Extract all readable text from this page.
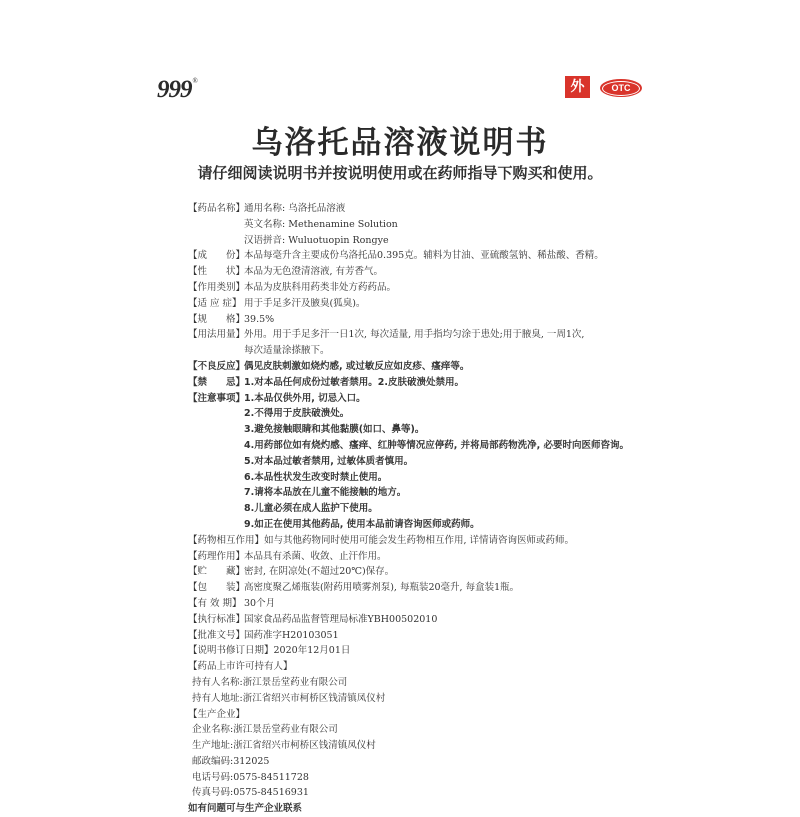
999®	外	OTC
乌洛托品溶液说明书
请仔细阅读说明书并按说明使用或在药师指导下购买和使用。
【药品名称】
通用名称: 乌洛托品溶液
英文名称: Methenamine Solution
汉语拼音: Wuluotuopin Rongye
【成　　份】
本品每毫升含主要成份乌洛托品0.395克。辅料为甘油、亚硫酸氢钠、稀盐酸、香精。
【性　　状】
本品为无色澄清溶液, 有芳香气。
【作用类别】
本品为皮肤科用药类非处方药药品。
【适 应 症】 用于手足多汗及腋臭(狐臭)。
【规　　格】
39.5%
【用法用量】
外用。用于手足多汗一日1次, 每次适量, 用手指均匀涂于患处;用于腋臭, 一周1次,
每次适量涂搽腋下。
【不良反应】
偶见皮肤刺激如烧灼感, 或过敏反应如皮疹、瘙痒等。
【禁　　忌】
1.对本品任何成份过敏者禁用。2.皮肤破溃处禁用。
【注意事项】
1.本品仅供外用, 切忌入口。
2.不得用于皮肤破溃处。
3.避免接触眼睛和其他黏膜(如口、鼻等)。
4.用药部位如有烧灼感、瘙痒、红肿等情况应停药, 并将局部药物洗净, 必要时向医师咨询。
5.对本品过敏者禁用, 过敏体质者慎用。
6.本品性状发生改变时禁止使用。
7.请将本品放在儿童不能接触的地方。
8.儿童必须在成人监护下使用。
9.如正在使用其他药品, 使用本品前请咨询医师或药师。
【药物相互作用】 如与其他药物同时使用可能会发生药物相互作用, 详情请咨询医师或药师。
【药理作用】
本品具有杀菌、收敛、止汗作用。
【贮　　藏】
密封, 在阴凉处(不超过20℃)保存。
【包　　装】
高密度聚乙烯瓶装(附药用喷雾剂泵), 每瓶装20毫升, 每盒装1瓶。
【有 效 期】 30个月
【执行标准】
国家食品药品监督管理局标准YBH00502010
【批准文号】
国药准字H20103051
【说明书修订日期】 2020年12月01日
【药品上市许可持有人】
持有人名称:浙江景岳堂药业有限公司
持有人地址:浙江省绍兴市柯桥区钱清镇凤仪村
【生产企业】
企业名称:浙江景岳堂药业有限公司
生产地址:浙江省绍兴市柯桥区钱清镇凤仪村
邮政编码:312025
电话号码:0575-84511728
传真号码:0575-84516931
如有问题可与生产企业联系
